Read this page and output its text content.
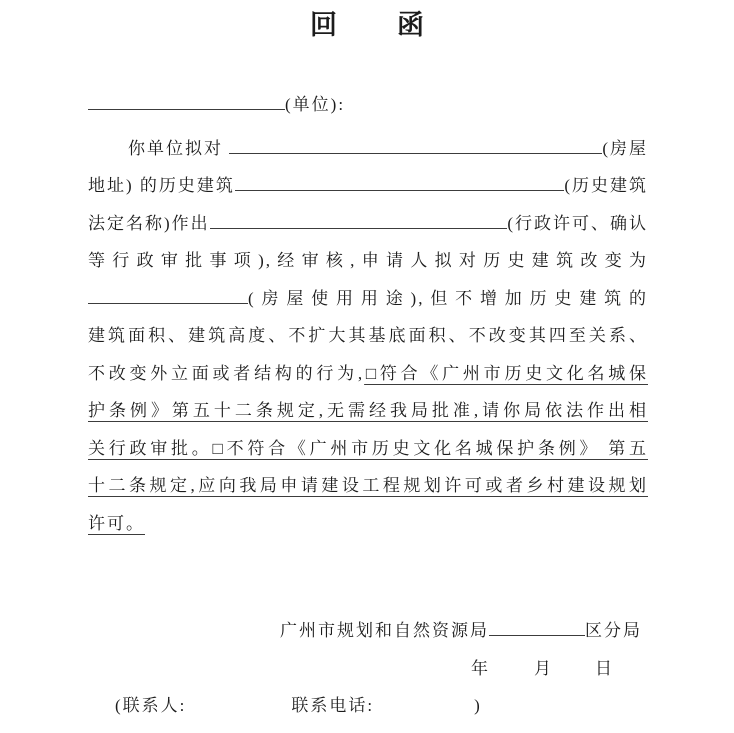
回　　函
(单位):
你单位拟对	(房屋
地址) 的历史建筑	(历史建筑
法定名称)作出	(行政许可、确认
等行政审批事项),经审核,申请人拟对历史建筑改变为
(房屋使用用途),但不增加历史建筑的
建筑面积、建筑高度、不扩大其基底面积、不改变其四至关系、
不改变外立面或者结构的行为,□符合《广州市历史文化名城保
护条例》第五十二条规定,无需经我局批准,请你局依法作出相
关行政审批。□不符合《广州市历史文化名城保护条例》 第五
十二条规定,应向我局申请建设工程规划许可或者乡村建设规划
许可。
广州市规划和自然资源局	区分局
年	月 日
(联系人:	联系电话:	)
